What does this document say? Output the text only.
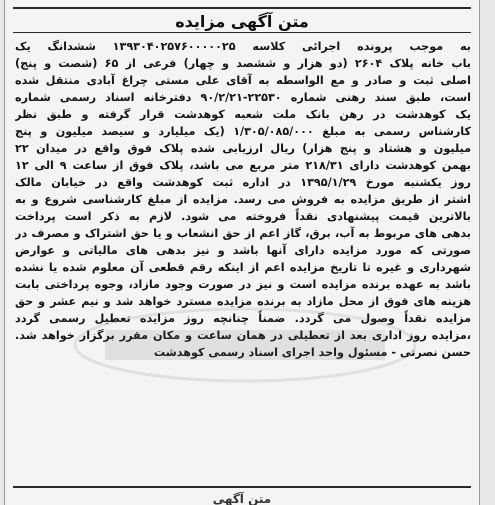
متن آگهی مزایده
به موجب پرونده اجرائی کلاسه ۱۳۹۳۰۴۰۲۵۷۶۰۰۰۰۰۲۵ ششدانگ یک
باب خانه پلاک ۲۶۰۴ (دو هزار و ششصد و چهار) فرعی از ۶۵ (شصت و پنج)
اصلی ثبت و صادر و مع الواسطه به آقای علی مستی چراغ آبادی منتقل شده
است، طبق سند رهنی شماره ۲۲۵۳۰-۹۰/۲/۲۱ دفترخانه اسناد رسمی شماره
یک کوهدشت در رهن بانک ملت شعبه کوهدشت قرار گرفته و طبق نظر
کارشناس رسمی به مبلغ ۱/۳۰۵/۰۸۵/۰۰۰ (یک میلیارد و سیصد میلیون و پنج
میلیون و هشتاد و پنج هزار) ریال ارزیابی شده پلاک فوق واقع در میدان ۲۲
بهمن کوهدشت دارای ۲۱۸/۳۱ متر مربع می باشد، پلاک فوق از ساعت ۹ الی ۱۲
روز یکشنبه مورخ ۱۳۹۵/۱/۲۹ در اداره ثبت کوهدشت واقع در خیابان مالک
اشتر از طریق مزایده به فروش می رسد. مزایده از مبلغ کارشناسی شروع و به
بالاترین قیمت پیشنهادی نقداً فروخته می شود. لازم به ذکر است پرداخت
بدهی های مربوط به آب، برق، گاز اعم از حق انشعاب و یا حق اشتراک و مصرف در
صورتی که مورد مزایده دارای آنها باشد و نیز بدهی های مالیاتی و عوارض
شهرداری و غیره تا تاریخ مزایده اعم از اینکه رقم قطعی آن معلوم شده یا نشده
باشد به عهده برنده مزایده است و نیز در صورت وجود مازاد، وجوه پرداختی بابت
هزینه های فوق از محل مازاد به برنده مزایده مسترد خواهد شد و نیم عشر و حق
مزایده نقداً وصول می گردد. ضمناً چنانچه روز مزایده تعطیل رسمی گردد
،مزایده روز اداری بعد از تعطیلی در همان ساعت و مکان مقرر برگزار خواهد شد.
حسن نصرتی - مسئول واحد اجرای اسناد رسمی کوهدشت
متن آگهی
